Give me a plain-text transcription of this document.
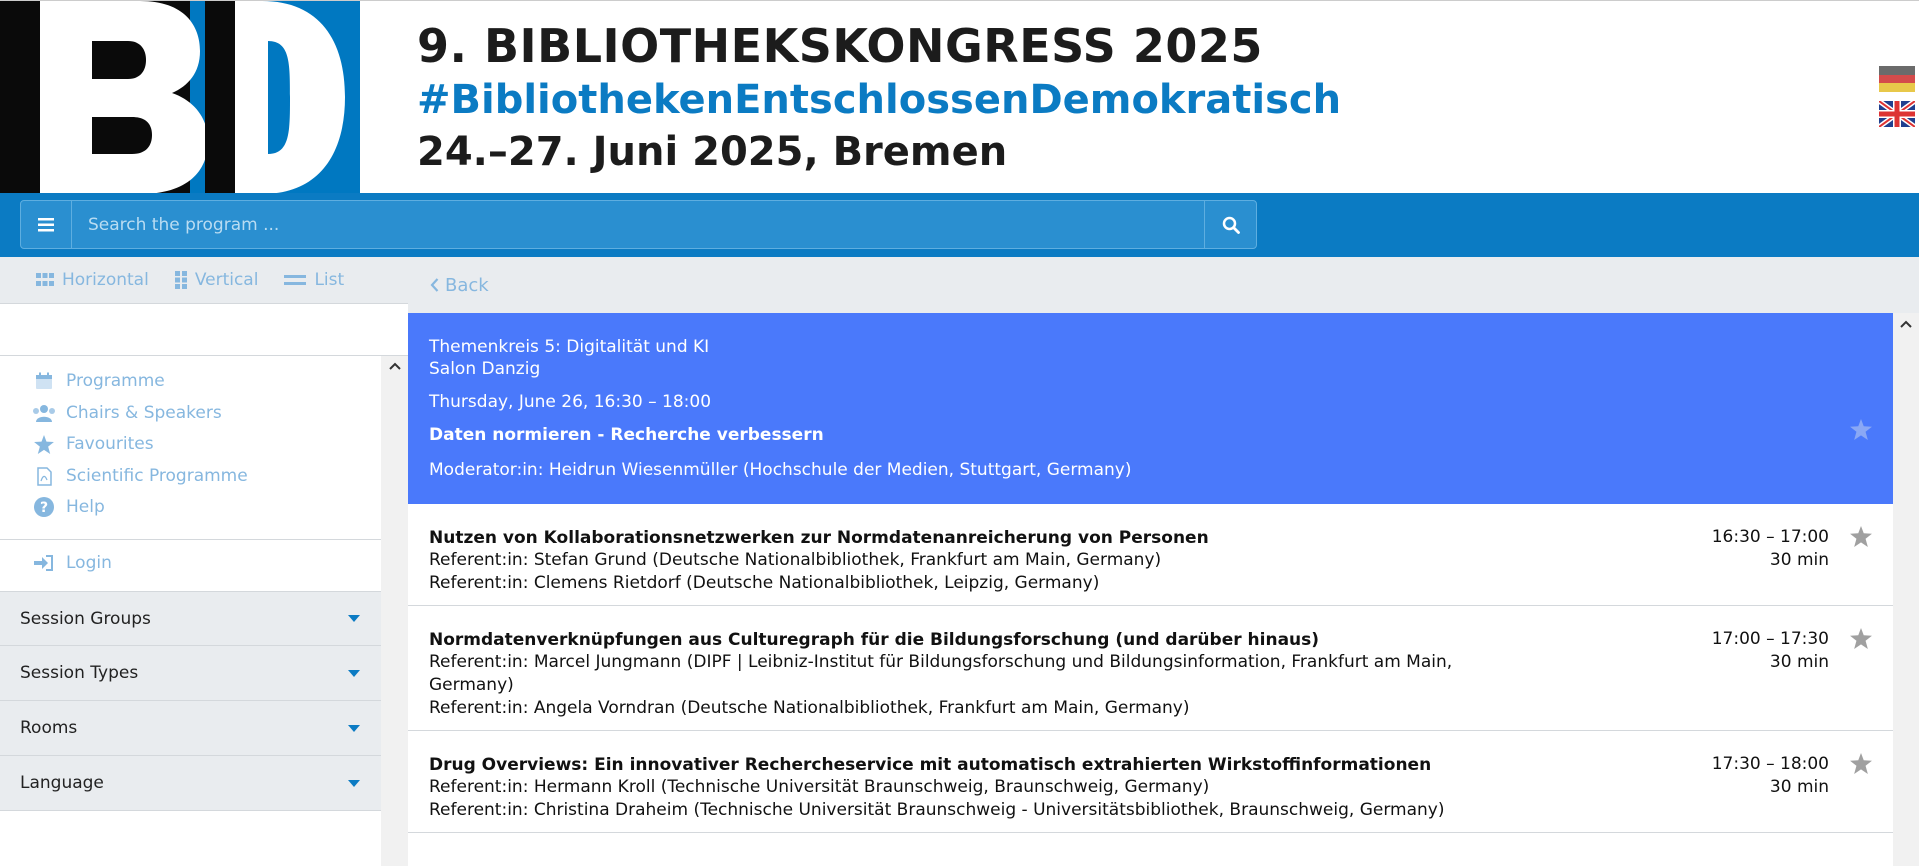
9. BIBLIOTHEKSKONGRESS 2025
#BibliothekenEntschlossenDemokratisch
24.–27. Juni 2025, Bremen
Search the program ...
Horizontal	Vertical	List
Programme
Chairs & Speakers
Favourites
Scientific Programme
? Help
Login
Session Groups
Session Types
Rooms
Language
Back
Themenkreis 5: Digitalität und KI
Salon Danzig
Thursday, June 26, 16:30 – 18:00
Daten normieren - Recherche verbessern
Moderator:in: Heidrun Wiesenmüller (Hochschule der Medien, Stuttgart, Germany)
Nutzen von Kollaborationsnetzwerken zur Normdatenanreicherung von Personen
Referent:in: Stefan Grund (Deutsche Nationalbibliothek, Frankfurt am Main, Germany)
Referent:in: Clemens Rietdorf (Deutsche Nationalbibliothek, Leipzig, Germany)
16:30 – 17:00
30 min
Normdatenverknüpfungen aus Culturegraph für die Bildungsforschung (und darüber hinaus)
Referent:in: Marcel Jungmann (DIPF | Leibniz-Institut für Bildungsforschung und Bildungsinformation, Frankfurt am Main, Germany)
Referent:in: Angela Vorndran (Deutsche Nationalbibliothek, Frankfurt am Main, Germany)
17:00 – 17:30
30 min
Drug Overviews: Ein innovativer Rechercheservice mit automatisch extrahierten Wirkstoffinformationen
Referent:in: Hermann Kroll (Technische Universität Braunschweig, Braunschweig, Germany)
Referent:in: Christina Draheim (Technische Universität Braunschweig - Universitätsbibliothek, Braunschweig, Germany)
17:30 – 18:00
30 min
